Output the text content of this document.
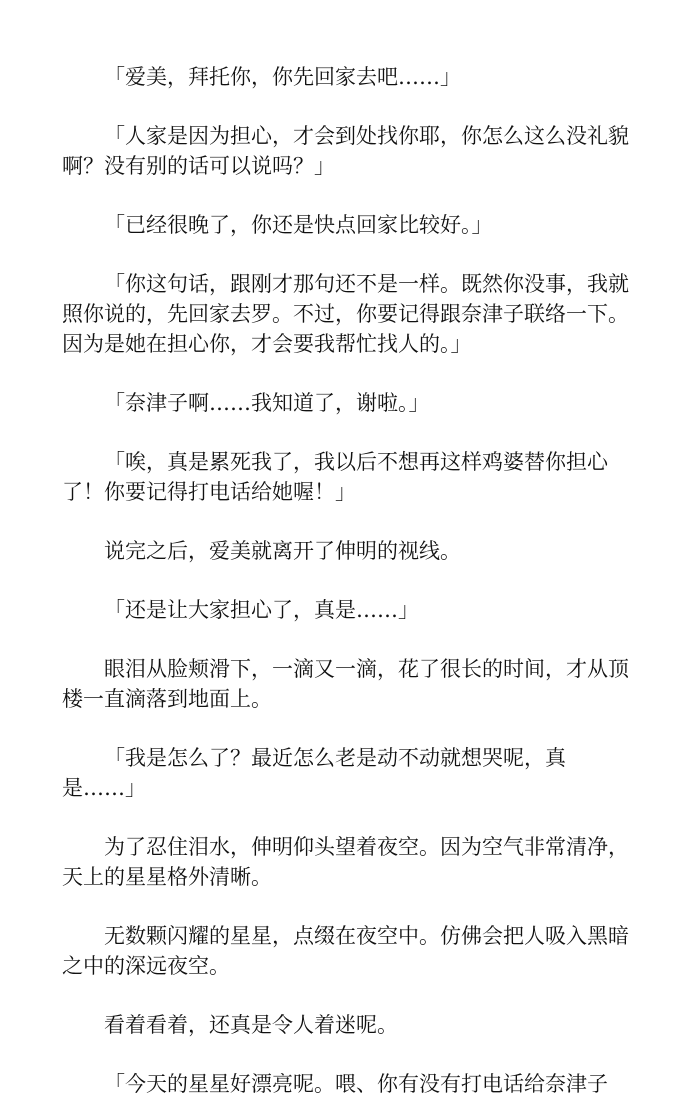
「爱美，拜托你，你先回家去吧……」

「人家是因为担心，才会到处找你耶，你怎么这么没礼貌啊？没有别的话可以说吗？」

「已经很晚了，你还是快点回家比较好。」

「你这句话，跟刚才那句还不是一样。既然你没事，我就照你说的，先回家去罗。不过，你要记得跟奈津子联络一下。因为是她在担心你，才会要我帮忙找人的。」

「奈津子啊……我知道了，谢啦。」

「唉，真是累死我了，我以后不想再这样鸡婆替你担心了！你要记得打电话给她喔！」

说完之后，爱美就离开了伸明的视线。

「还是让大家担心了，真是……」

眼泪从脸颊滑下，一滴又一滴，花了很长的时间，才从顶楼一直滴落到地面上。

「我是怎么了？最近怎么老是动不动就想哭呢，真是……」

为了忍住泪水，伸明仰头望着夜空。因为空气非常清净，天上的星星格外清晰。

无数颗闪耀的星星，点缀在夜空中。仿佛会把人吸入黑暗之中的深远夜空。

看着看着，还真是令人着迷呢。

「今天的星星好漂亮呢。喂、你有没有打电话给奈津子
